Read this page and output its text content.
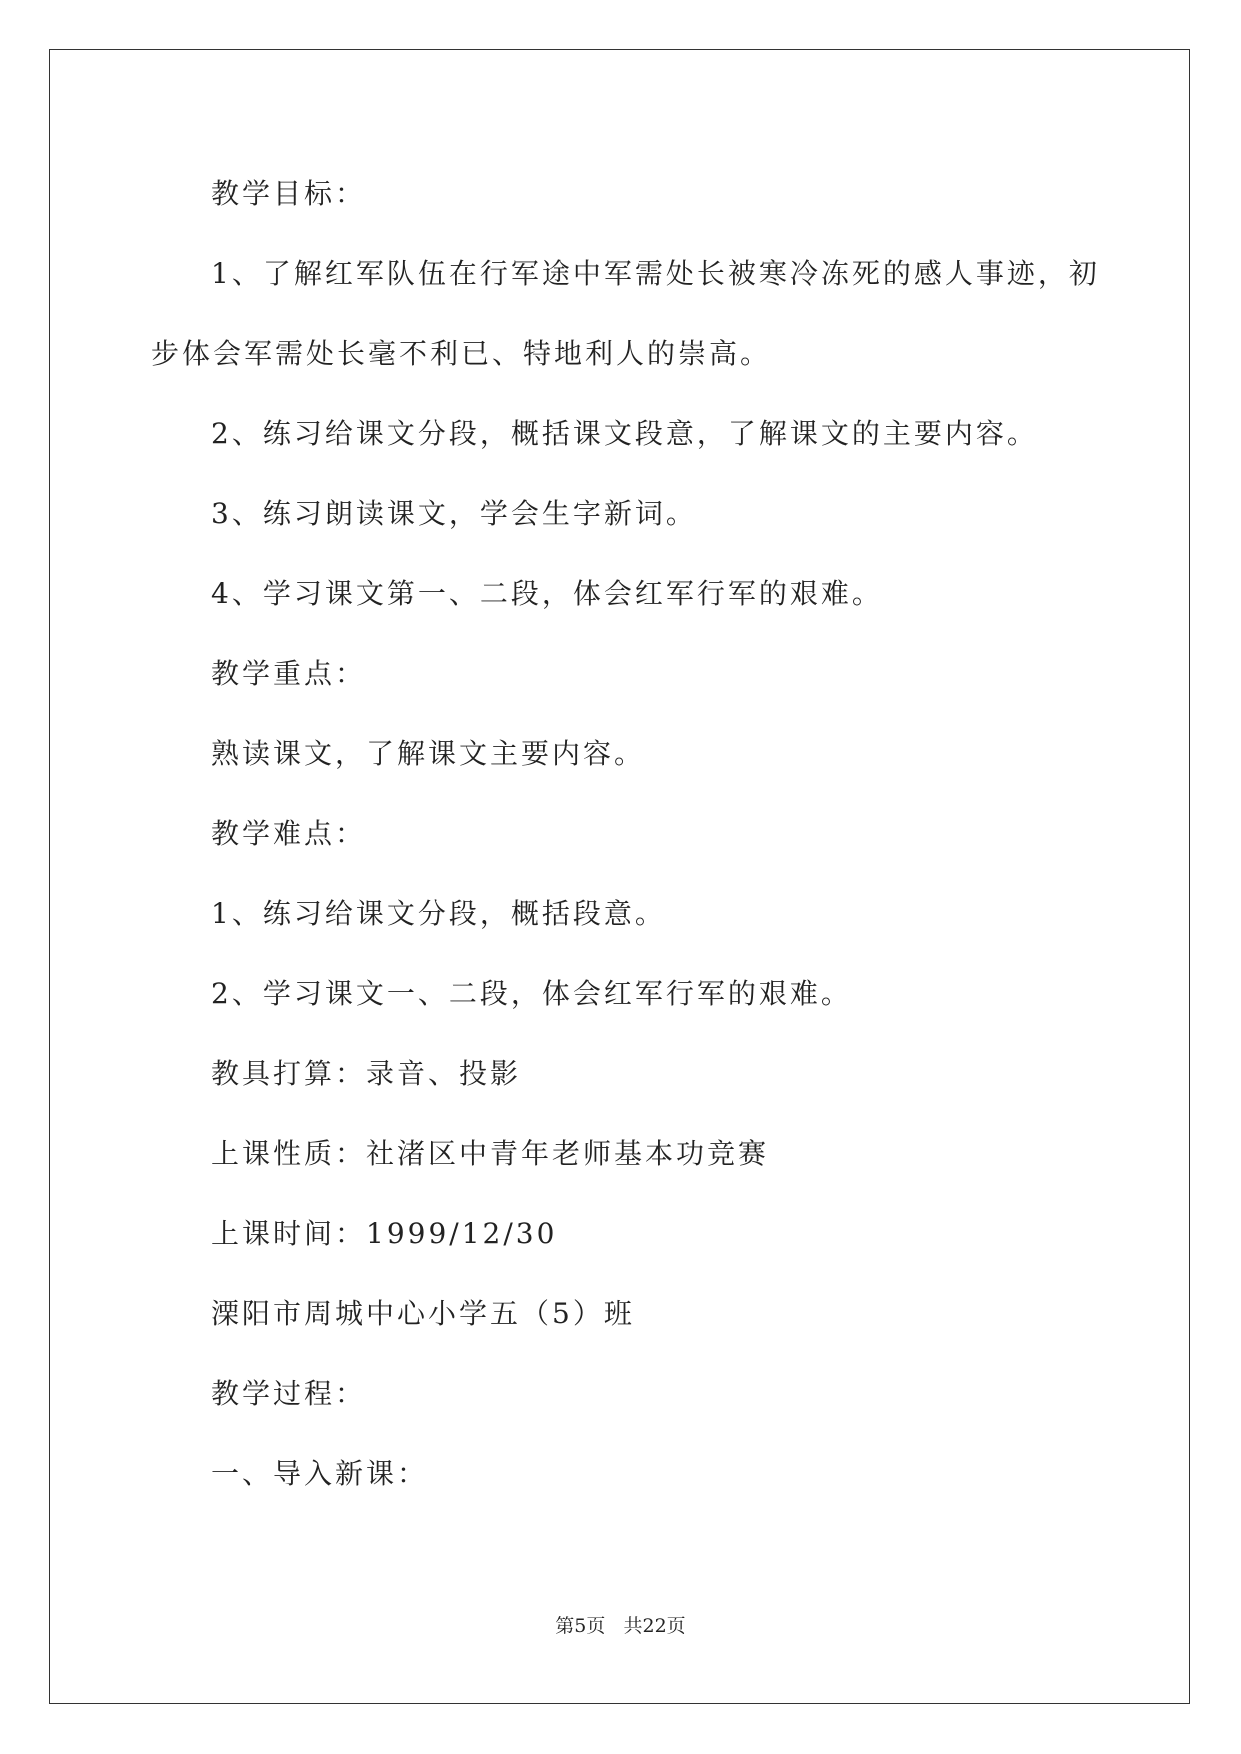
教学目标：
1、了解红军队伍在行军途中军需处长被寒冷冻死的感人事迹，初
步体会军需处长毫不利已、特地利人的崇高。
2、练习给课文分段，概括课文段意，了解课文的主要内容。
3、练习朗读课文，学会生字新词。
4、学习课文第一、二段，体会红军行军的艰难。
教学重点：
熟读课文，了解课文主要内容。
教学难点：
1、练习给课文分段，概括段意。
2、学习课文一、二段，体会红军行军的艰难。
教具打算：录音、投影
上课性质：社渚区中青年老师基本功竞赛
上课时间：1999/12/30
溧阳市周城中心小学五（5）班
教学过程：
一、导入新课：
第5页   共22页
